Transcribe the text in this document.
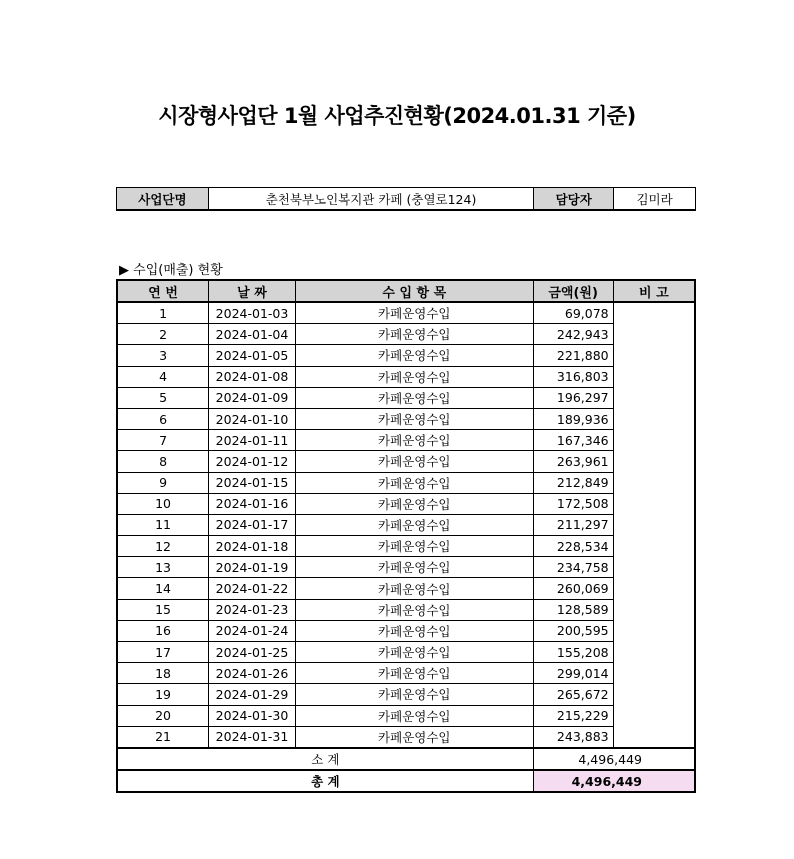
시장형사업단 1월 사업추진현황(2024.01.31 기준)
사업단명	춘천북부노인복지관 카페 (충열로124)	담당자	김미라
▶ 수입(매출) 현황
연 번	날 짜	수 입 항 목	금액(원)	비 고
1	2024-01-03	카페운영수입	69,078	
2	2024-01-04	카페운영수입	242,943	
3	2024-01-05	카페운영수입	221,880	
4	2024-01-08	카페운영수입	316,803	
5	2024-01-09	카페운영수입	196,297	
6	2024-01-10	카페운영수입	189,936	
7	2024-01-11	카페운영수입	167,346	
8	2024-01-12	카페운영수입	263,961	
9	2024-01-15	카페운영수입	212,849	
10	2024-01-16	카페운영수입	172,508	
11	2024-01-17	카페운영수입	211,297	
12	2024-01-18	카페운영수입	228,534	
13	2024-01-19	카페운영수입	234,758	
14	2024-01-22	카페운영수입	260,069	
15	2024-01-23	카페운영수입	128,589	
16	2024-01-24	카페운영수입	200,595	
17	2024-01-25	카페운영수입	155,208	
18	2024-01-26	카페운영수입	299,014	
19	2024-01-29	카페운영수입	265,672	
20	2024-01-30	카페운영수입	215,229	
21	2024-01-31	카페운영수입	243,883	
소 계			4,496,449	
총 계			4,496,449	
